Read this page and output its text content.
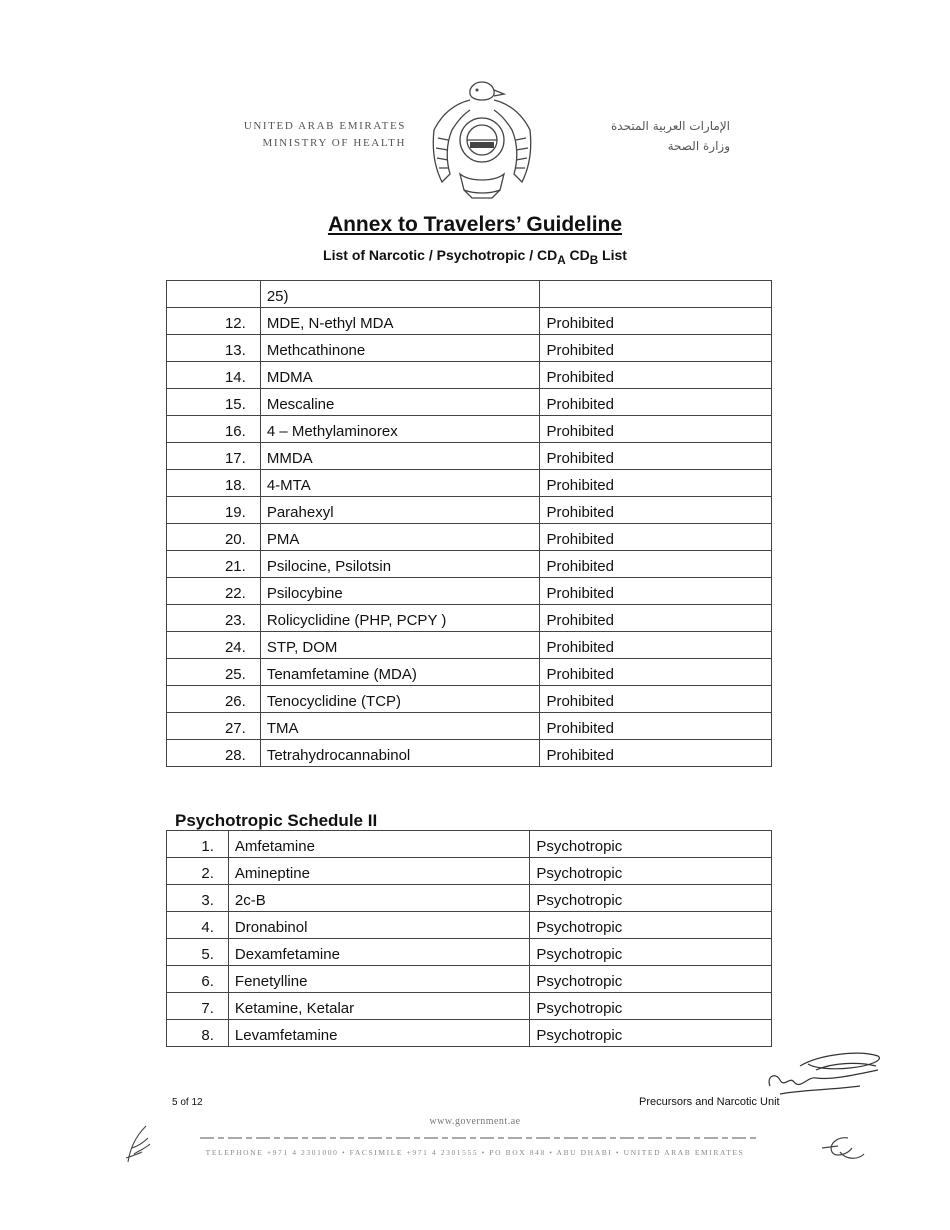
UNITED ARAB EMIRATES
MINISTRY OF HEALTH
الإمارات العربية المتحدة
وزارة الصحة
Annex to Travelers’ Guideline
List of Narcotic / Psychotropic / $CD_A$ $CD_B$ List

	25)	

12.	MDE, N-ethyl MDA	Prohibited

13.	Methcathinone	Prohibited

14.	MDMA	Prohibited

15.	Mescaline	Prohibited

16.	4 – Methylaminorex	Prohibited

17.	MMDA	Prohibited

18.	4-MTA	Prohibited

19.	Parahexyl	Prohibited

20.	PMA	Prohibited

21.	Psilocine, Psilotsin	Prohibited

22.	Psilocybine	Prohibited

23.	Rolicyclidine (PHP, PCPY )	Prohibited

24.	STP, DOM	Prohibited

25.	Tenamfetamine (MDA)	Prohibited

26.	Tenocyclidine (TCP)	Prohibited

27.	TMA	Prohibited

28.	Tetrahydrocannabinol	Prohibited
Psychotropic Schedule II
1.	Amfetamine	Psychotropic

2.	Amineptine	Psychotropic

3.	2c-B	Psychotropic

4.	Dronabinol	Psychotropic

5.	Dexamfetamine	Psychotropic

6.	Fenetylline	Psychotropic

7.	Ketamine, Ketalar	Psychotropic

8.	Levamfetamine	Psychotropic
5 of 12	Precursors and Narcotic Unit
www.government.ae
TELEPHONE +971 4 2301000 • FACSIMILE +971 4 2301555 • PO BOX 848 • ABU DHABI • UNITED ARAB EMIRATES
